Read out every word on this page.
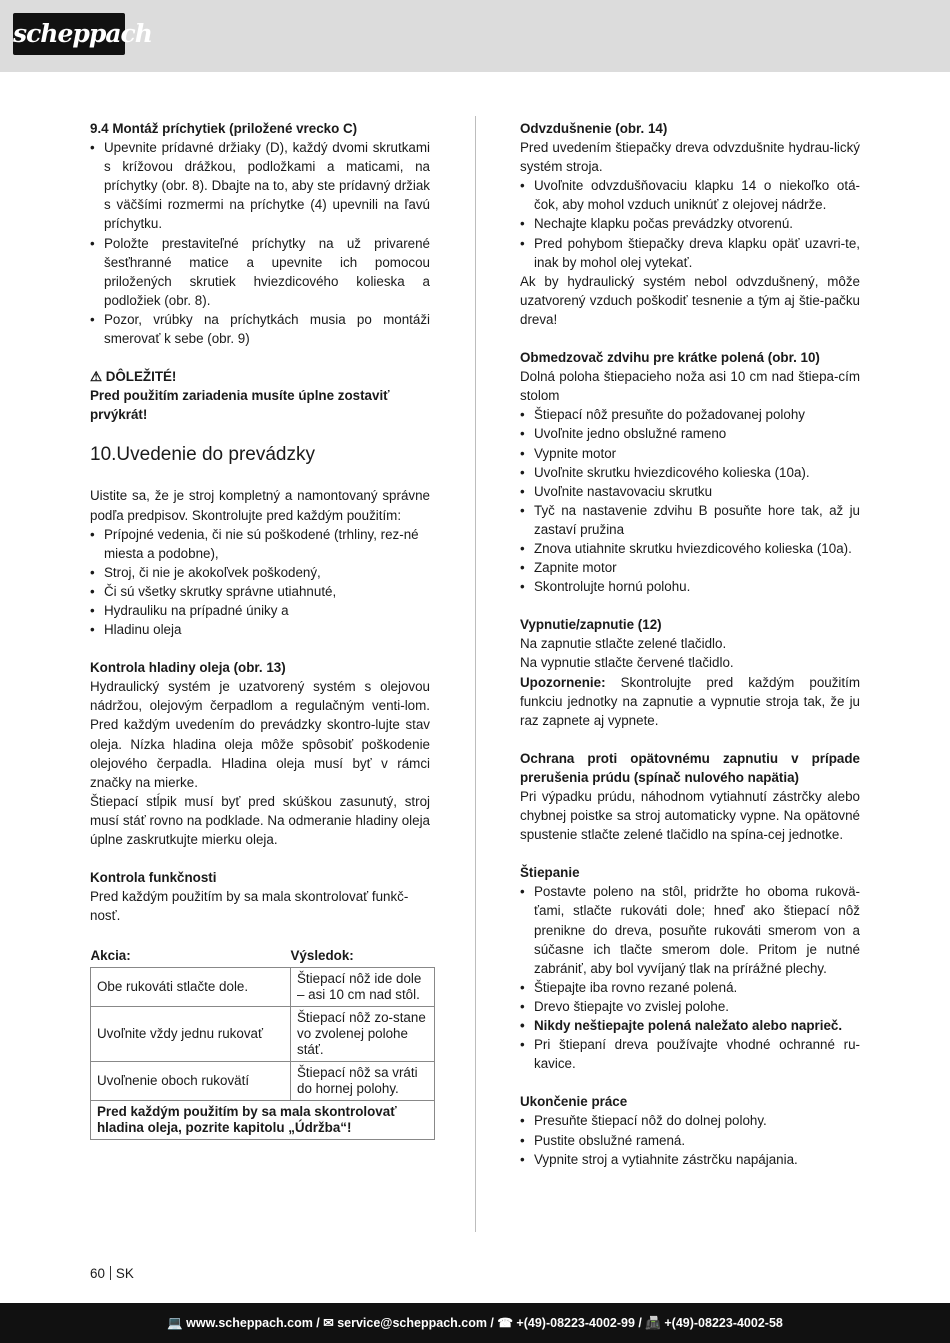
scheppach

9.4 Montáž príchytiek (priložené vrecko C)

• Upevnite prídavné držiaky (D), každý dvomi skrutkami s krížovou drážkou, podložkami a maticami, na príchytky (obr. 8). Dbajte na to, aby ste prídavný držiak s väčšími rozmermi na príchytke (4) upevnili na ľavú príchytku.
• Položte prestaviteľné príchytky na už privarené šesťhranné matice a upevnite ich pomocou priložených skrutiek hviezdicového kolieska a podložiek (obr. 8).
• Pozor, vrúbky na príchytkách musia po montáži smerovať k sebe (obr. 9)

⚠ DÔLEŽITÉ!

Pred použitím zariadenia musíte úplne zostaviť prvýkrát!

10.Uvedenie do prevádzky

Uistite sa, že je stroj kompletný a namontovaný správne podľa predpisov. Skontrolujte pred každým použitím:

• Prípojné vedenia, či nie sú poškodené (trhliny, rez-né miesta a podobne),
• Stroj, či nie je akokoľvek poškodený,
• Či sú všetky skrutky správne utiahnuté,
• Hydrauliku na prípadné úniky a
• Hladinu oleja

Kontrola hladiny oleja (obr. 13)

Hydraulický systém je uzatvorený systém s olejovou nádržou, olejovým čerpadlom a regulačným venti-lom. Pred každým uvedením do prevádzky skontro-lujte stav oleja. Nízka hladina oleja môže spôsobiť poškodenie olejového čerpadla. Hladina oleja musí byť v rámci značky na mierke.

Štiepací stĺpik musí byť pred skúškou zasunutý, stroj musí stáť rovno na podklade. Na odmeranie hladiny oleja úplne zaskrutkujte mierku oleja.

Kontrola funkčnosti

Pred každým použitím by sa mala skontrolovať funkč-nosť.

Akcia:	Výsledok:
Obe rukováti stlačte dole.	Štiepací nôž ide dole – asi 10 cm nad stôl.
Uvoľnite vždy jednu rukovať	Štiepací nôž zo-stane vo zvolenej polohe stáť.
Uvoľnenie oboch rukovätí	Štiepací nôž sa vráti do hornej polohy.
Pred každým použitím by sa mala skontrolovať hladina oleja, pozrite kapitolu „Údržba“!	

Odvzdušnenie (obr. 14)

Pred uvedením štiepačky dreva odvzdušnite hydrau-lický systém stroja.

• Uvoľnite odvzdušňovaciu klapku 14 o niekoľko otá-čok, aby mohol vzduch uniknúť z olejovej nádrže.
• Nechajte klapku počas prevádzky otvorenú.
• Pred pohybom štiepačky dreva klapku opäť uzavri-te, inak by mohol olej vytekať.

Ak by hydraulický systém nebol odvzdušnený, môže uzatvorený vzduch poškodiť tesnenie a tým aj štie-pačku dreva!

Obmedzovač zdvihu pre krátke polená (obr. 10)

Dolná poloha štiepacieho noža asi 10 cm nad štiepa-cím stolom

• Štiepací nôž presuňte do požadovanej polohy
• Uvoľnite jedno obslužné rameno
• Vypnite motor
• Uvoľnite skrutku hviezdicového kolieska (10a).
• Uvoľnite nastavovaciu skrutku
• Tyč na nastavenie zdvihu B posuňte hore tak, až ju zastaví pružina
• Znova utiahnite skrutku hviezdicového kolieska (10a).
• Zapnite motor
• Skontrolujte hornú polohu.

Vypnutie/zapnutie (12)

Na zapnutie stlačte zelené tlačidlo.

Na vypnutie stlačte červené tlačidlo.

Upozornenie: Skontrolujte pred každým použitím funkciu jednotky na zapnutie a vypnutie stroja tak, že ju raz zapnete aj vypnete.

Ochrana proti opätovnému zapnutiu v prípade prerušenia prúdu (spínač nulového napätia)

Pri výpadku prúdu, náhodnom vytiahnutí zástrčky alebo chybnej poistke sa stroj automaticky vypne. Na opätovné spustenie stlačte zelené tlačidlo na spína-cej jednotke.

Štiepanie

• Postavte poleno na stôl, pridržte ho oboma rukovä-ťami, stlačte rukováti dole; hneď ako štiepací nôž prenikne do dreva, posuňte rukováti smerom von a súčasne ich tlačte smerom dole. Pritom je nutné zabrániť, aby bol vyvíjaný tlak na prírážné plechy.
• Štiepajte iba rovno rezané polená.
• Drevo štiepajte vo zvislej polohe.
• Nikdy neštiepajte polená naležato alebo naprieč.
• Pri štiepaní dreva používajte vhodné ochranné ru-kavice.

Ukončenie práce

• Presuňte štiepací nôž do dolnej polohy.
• Pustite obslužné ramená.
• Vypnite stroj a vytiahnite zástrčku napájania.
60 SK
💻 www.scheppach.com / ✉ service@scheppach.com / ☎ +(49)-08223-4002-99 / 📠 +(49)-08223-4002-58
